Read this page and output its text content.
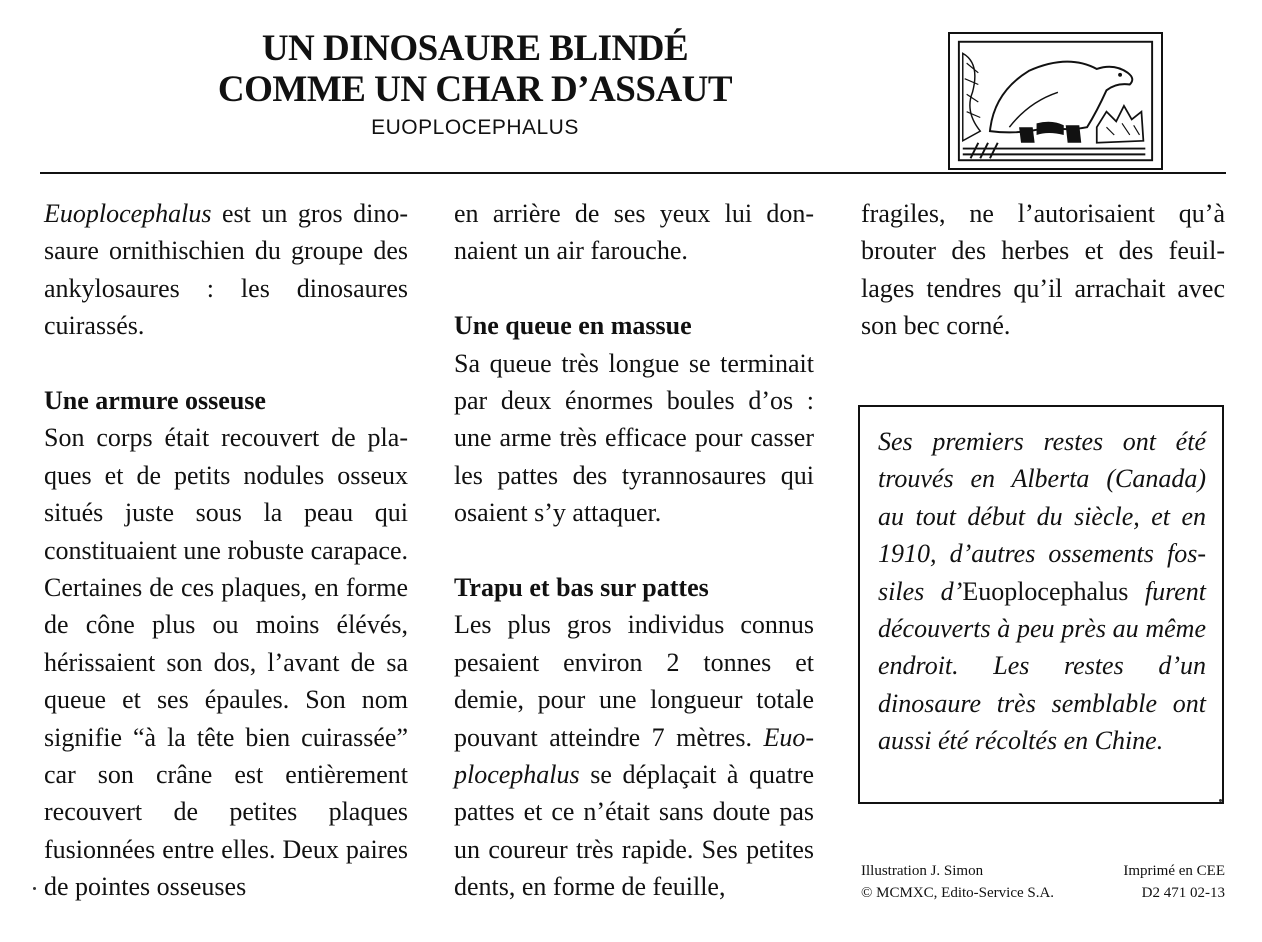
UN DINOSAURE BLINDÉ
COMME UN CHAR D’ASSAUT
EUOPLOCEPHALUS

Euoplocephalus est un gros dinosaure ornithischien du groupe des ankylosaures : les dinosaures cuirassés.

Une armure osseuse

Son corps était recouvert de plaques et de petits nodules osseux situés juste sous la peau qui constituaient une robuste carapace. Certaines de ces plaques, en forme de cône plus ou moins élévés, hérissaient son dos, l’avant de sa queue et ses épaules. Son nom signifie “à la tête bien cuirassée” car son crâne est entièrement recouvert de petites plaques fusionnées entre elles. Deux paires de pointes osseuses

en arrière de ses yeux lui donnaient un air farouche.

Une queue en massue

Sa queue très longue se terminait par deux énormes boules d’os : une arme très efficace pour casser les pattes des tyrannosaures qui osaient s’y attaquer.

Trapu et bas sur pattes

Les plus gros individus connus pesaient environ 2 tonnes et demie, pour une longueur totale pouvant atteindre 7 mètres. Euoplocephalus se déplaçait à quatre pattes et ce n’était sans doute pas un coureur très rapide. Ses petites dents, en forme de feuille,

fragiles, ne l’autorisaient qu’à brouter des herbes et des feuillages tendres qu’il arrachait avec son bec corné.

Ses premiers restes ont été trouvés en Alberta (Canada) au tout début du siècle, et en 1910, d’autres ossements fossiles d’Euoplocephalus furent découverts à peu près au même endroit. Les restes d’un dinosaure très semblable ont aussi été récoltés en Chine.
Illustration J. Simon
© MCMXC, Edito-Service S.A.
Imprimé en CEE
D2 471 02-13
